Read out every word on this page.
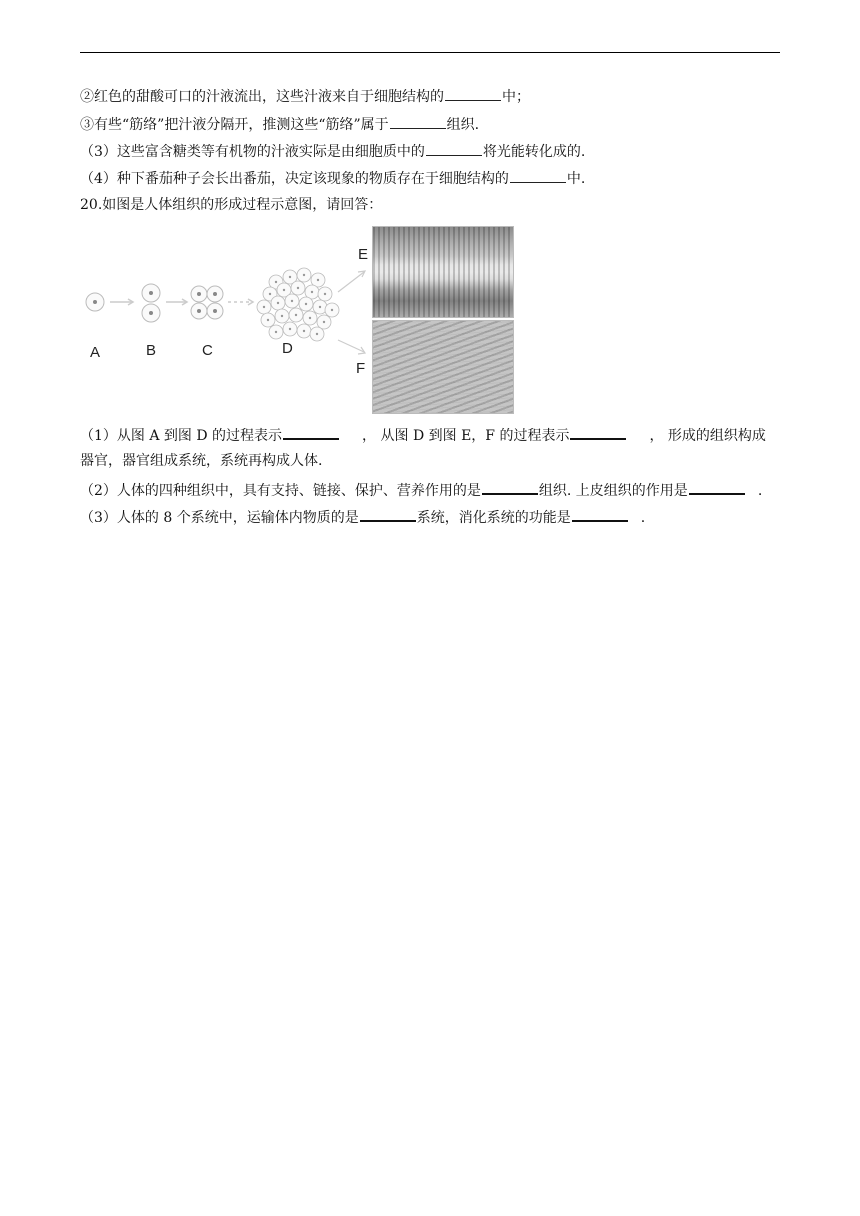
②红色的甜酸可口的汁液流出，这些汁液来自于细胞结构的	中；
③有些“筋络”把汁液分隔开，推测这些“筋络”属于	组织.
（3）这些富含糖类等有机物的汁液实际是由细胞质中的	将光能转化成的.
（4）种下番茄种子会长出番茄，决定该现象的物质存在于细胞结构的	中.
20.如图是人体组织的形成过程示意图，请回答：
A	B	C	D
E
F
（1）从图 A 到图 D 的过程表示	， 从图 D 到图 E，F 的过程表示	， 形成的组织构成
器官，器官组成系统，系统再构成人体.
（2）人体的四种组织中，具有支持、链接、保护、营养作用的是	组织. 上皮组织的作用是	.
（3）人体的 8 个系统中，运输体内物质的是	系统，消化系统的功能是	.
